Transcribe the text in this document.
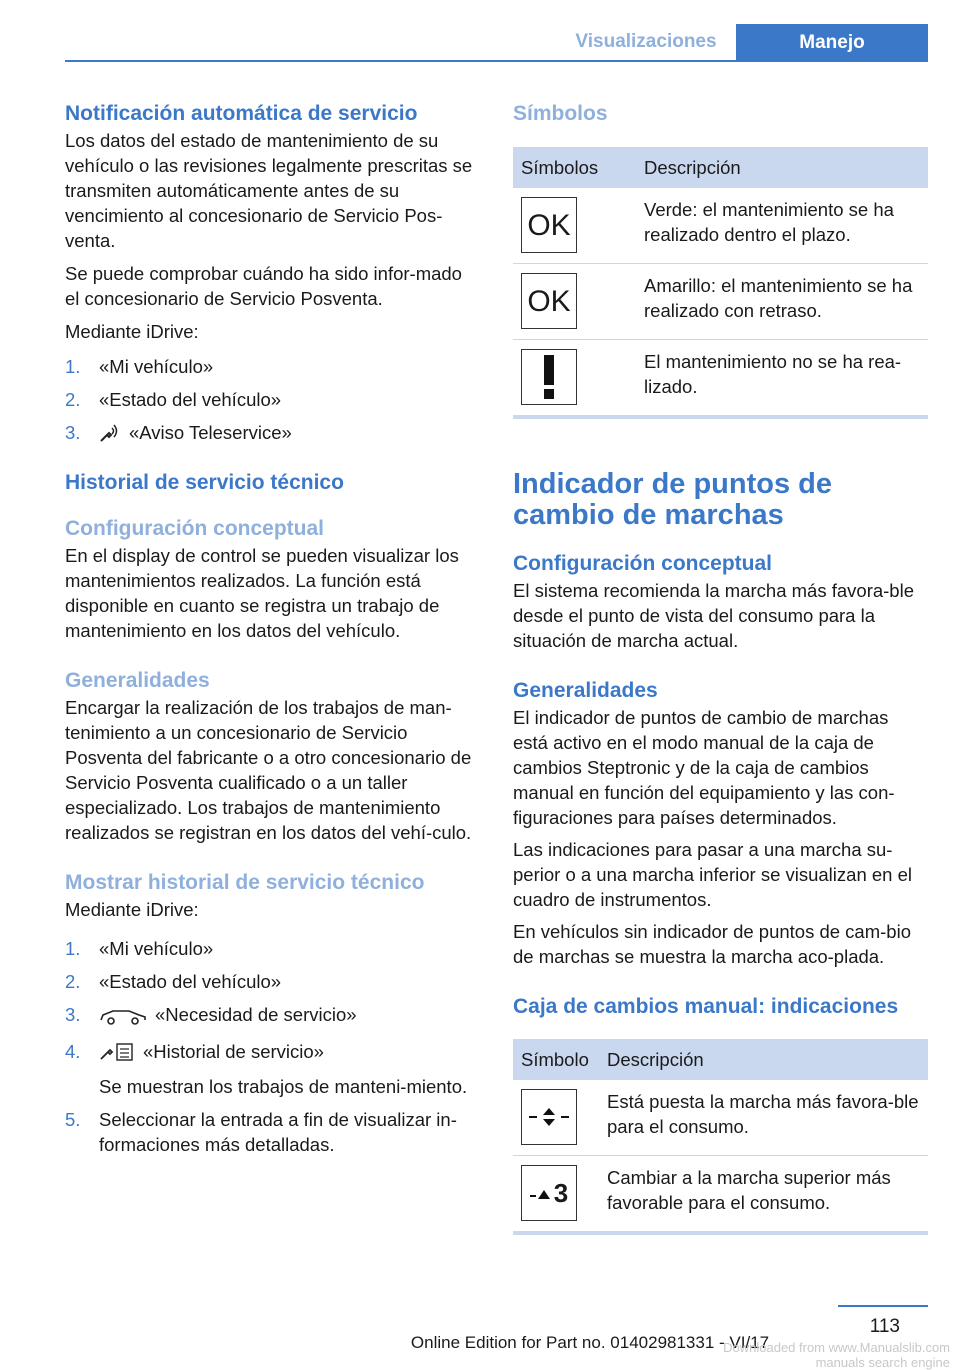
Visualizaciones	Manejo
Notificación automática de servicio

Los datos del estado de mantenimiento de su vehículo o las revisiones legalmente prescritas se transmiten automáticamente antes de su vencimiento al concesionario de Servicio Pos‐venta.

Se puede comprobar cuándo ha sido infor‐mado el concesionario de Servicio Posventa.

Mediante iDrive:

1. «Mi vehículo»
2. «Estado del vehículo»
3.	«Aviso Teleservice»
Historial de servicio técnico
Configuración conceptual

En el display de control se pueden visualizar los mantenimientos realizados. La función está disponible en cuanto se registra un trabajo de mantenimiento en los datos del vehículo.

Generalidades

Encargar la realización de los trabajos de man‐tenimiento a un concesionario de Servicio Posventa del fabricante o a otro concesionario de Servicio Posventa cualificado o a un taller especializado. Los trabajos de mantenimiento realizados se registran en los datos del vehí‐culo.

Mostrar historial de servicio técnico

Mediante iDrive:

1. «Mi vehículo»
2. «Estado del vehículo»
3.	«Necesidad de servicio»
4.	«Historial de servicio»
Se muestran los trabajos de manteni‐miento.
5. Seleccionar la entrada a fin de visualizar in‐formaciones más detalladas.
Símbolos
Símbolos	Descripción

OK	Verde: el mantenimiento se ha realizado dentro el plazo.

OK	Amarillo: el mantenimiento se ha realizado con retraso.

	El mantenimiento no se ha rea‐lizado.
Indicador de puntos de cambio de marchas
Configuración conceptual

El sistema recomienda la marcha más favora‐ble desde el punto de vista del consumo para la situación de marcha actual.

Generalidades

El indicador de puntos de cambio de marchas está activo en el modo manual de la caja de cambios Steptronic y de la caja de cambios manual en función del equipamiento y las con‐figuraciones para países determinados.

Las indicaciones para pasar a una marcha su‐perior o a una marcha inferior se visualizan en el cuadro de instrumentos.

En vehículos sin indicador de puntos de cam‐bio de marchas se muestra la marcha aco‐plada.

Caja de cambios manual: indicaciones
Símbolo	Descripción

	Está puesta la marcha más favora‐ble para el consumo.

3	Cambiar a la marcha superior más favorable para el consumo.
113
Online Edition for Part no. 01402981331 - VI/17
Downloaded from www.Manualslib.com manuals search engine
